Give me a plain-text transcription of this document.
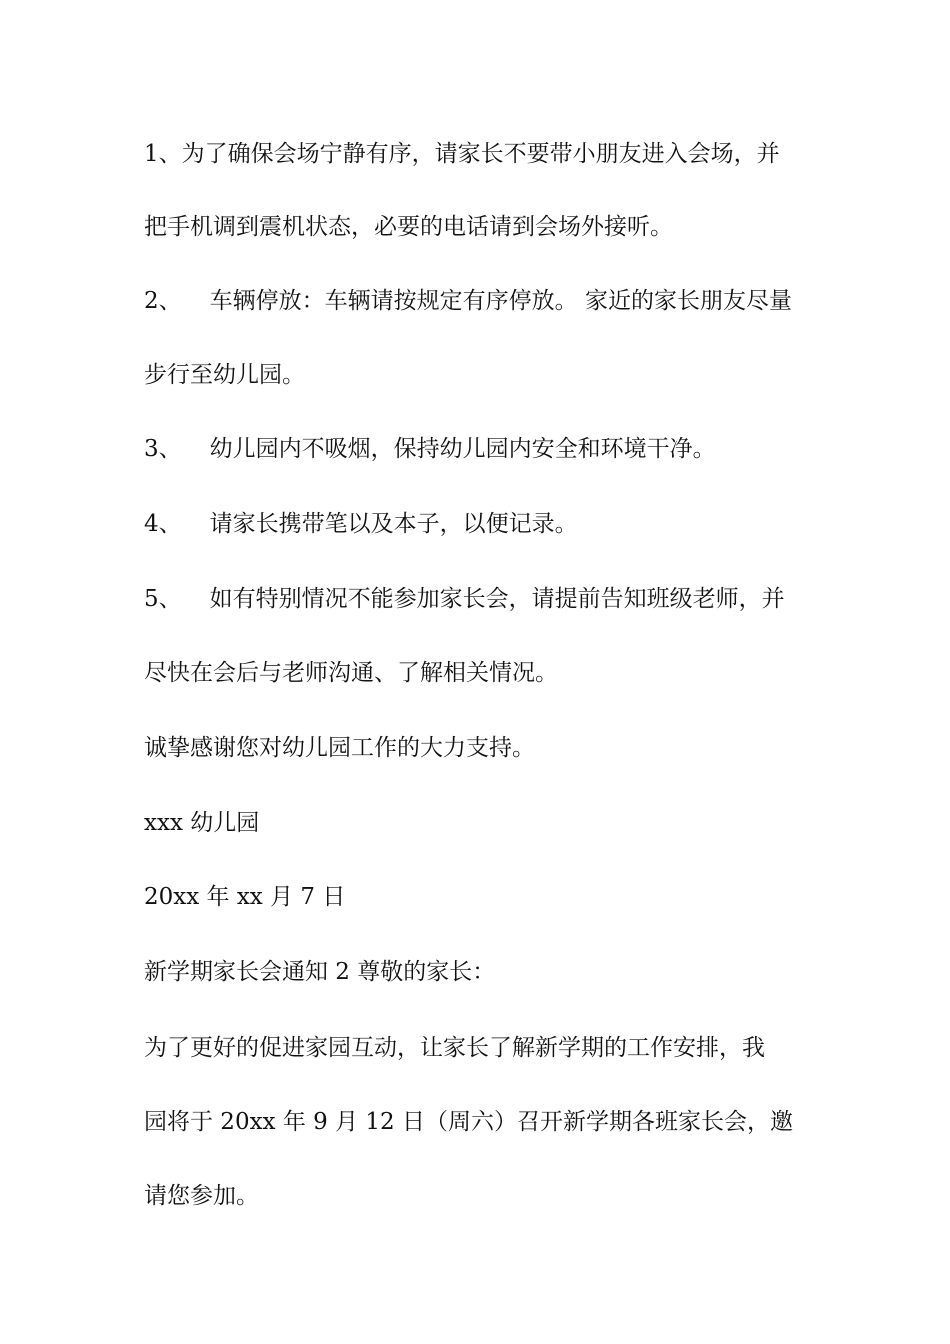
1、为了确保会场宁静有序，请家长不要带小朋友进入会场，并
把手机调到震机状态，必要的电话请到会场外接听。
2、 车辆停放：车辆请按规定有序停放。 家近的家长朋友尽量
步行至幼儿园。
3、 幼儿园内不吸烟，保持幼儿园内安全和环境干净。
4、 请家长携带笔以及本子，以便记录。
5、 如有特别情况不能参加家长会，请提前告知班级老师，并
尽快在会后与老师沟通、了解相关情况。
诚挚感谢您对幼儿园工作的大力支持。
xxx 幼儿园
20xx 年 xx 月 7 日
新学期家长会通知 2 尊敬的家长：
为了更好的促进家园互动，让家长了解新学期的工作安排，我
园将于 20xx 年 9 月 12 日（周六）召开新学期各班家长会，邀
请您参加。
